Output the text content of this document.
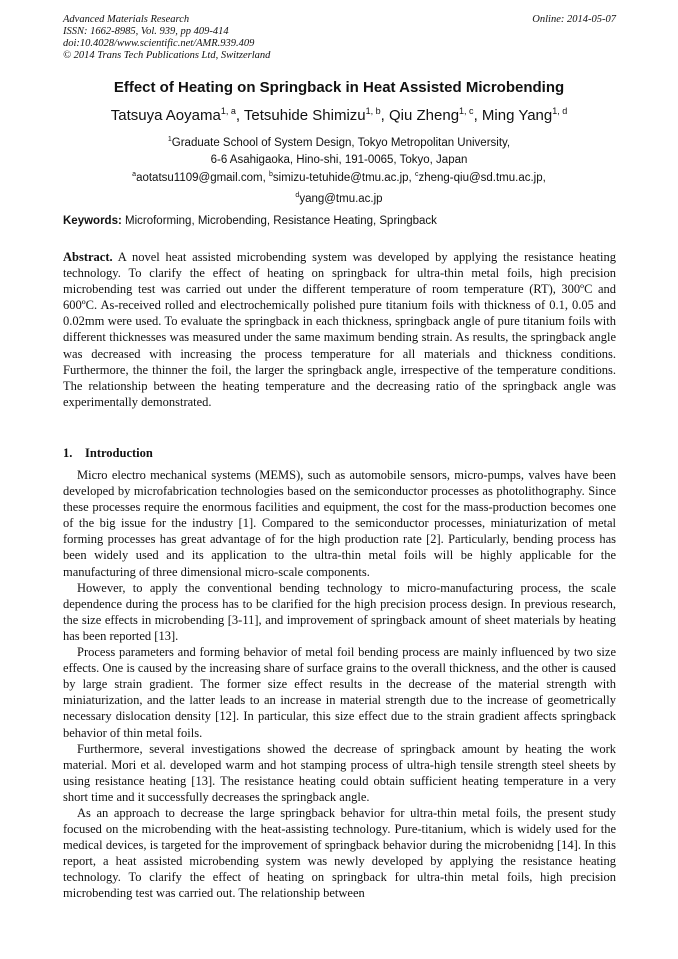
Advanced Materials Research
ISSN: 1662-8985, Vol. 939, pp 409-414
doi:10.4028/www.scientific.net/AMR.939.409
© 2014 Trans Tech Publications Ltd, Switzerland
Online: 2014-05-07
Effect of Heating on Springback in Heat Assisted Microbending
Tatsuya Aoyama$^{1, a}$, Tetsuhide Shimizu$^{1, b}$, Qiu Zheng$^{1, c}$, Ming Yang$^{1, d}$
$^1$Graduate School of System Design, Tokyo Metropolitan University,
6-6 Asahigaoka, Hino-shi, 191-0065, Tokyo, Japan
$^a$aotatsu1109@gmail.com, $^b$simizu-tetuhide@tmu.ac.jp, $^c$zheng-qiu@sd.tmu.ac.jp,
$^d$yang@tmu.ac.jp
Keywords: Microforming, Microbending, Resistance Heating, Springback

Abstract. A novel heat assisted microbending system was developed by applying the resistance heating technology. To clarify the effect of heating on springback for ultra-thin metal foils, high precision microbending test was carried out under the different temperature of room temperature (RT), 300ºC and 600ºC. As-received rolled and electrochemically polished pure titanium foils with thickness of 0.1, 0.05 and 0.02mm were used. To evaluate the springback in each thickness, springback angle of pure titanium foils with different thicknesses was measured under the same maximum bending strain. As results, the springback angle was decreased with increasing the process temperature for all materials and thickness conditions. Furthermore, the thinner the foil, the larger the springback angle, irrespective of the temperature conditions. The relationship between the heating temperature and the decreasing ratio of the springback angle was experimentally demonstrated.

1. Introduction

Micro electro mechanical systems (MEMS), such as automobile sensors, micro-pumps, valves have been developed by microfabrication technologies based on the semiconductor processes as photolithography. Since these processes require the enormous facilities and equipment, the cost for the mass-production becomes one of the big issue for the industry [1]. Compared to the semiconductor processes, miniaturization of metal forming processes has great advantage of for the high production rate [2]. Particularly, bending process has been widely used and its application to the ultra-thin metal foils will be highly applicable for the manufacturing of three dimensional micro-scale components.

However, to apply the conventional bending technology to micro-manufacturing process, the scale dependence during the process has to be clarified for the high precision process design. In previous research, the size effects in microbending [3-11], and improvement of springback amount of sheet materials by heating has been reported [13].

Process parameters and forming behavior of metal foil bending process are mainly influenced by two size effects. One is caused by the increasing share of surface grains to the overall thickness, and the other is caused by large strain gradient. The former size effect results in the decrease of the material strength with miniaturization, and the latter leads to an increase in material strength due to the increase of geometrically necessary dislocation density [12]. In particular, this size effect due to the strain gradient affects springback behavior of thin metal foils.

Furthermore, several investigations showed the decrease of springback amount by heating the work material. Mori et al. developed warm and hot stamping process of ultra-high tensile strength steel sheets by using resistance heating [13]. The resistance heating could obtain sufficient heating temperature in a very short time and it successfully decreases the springback angle.

As an approach to decrease the large springback behavior for ultra-thin metal foils, the present study focused on the microbending with the heat-assisting technology. Pure-titanium, which is widely used for the medical devices, is targeted for the improvement of springback behavior during the microbenidng [14]. In this report, a heat assisted microbending system was newly developed by applying the resistance heating technology. To clarify the effect of heating on springback for ultra-thin metal foils, high precision microbending test was carried out. The relationship between
